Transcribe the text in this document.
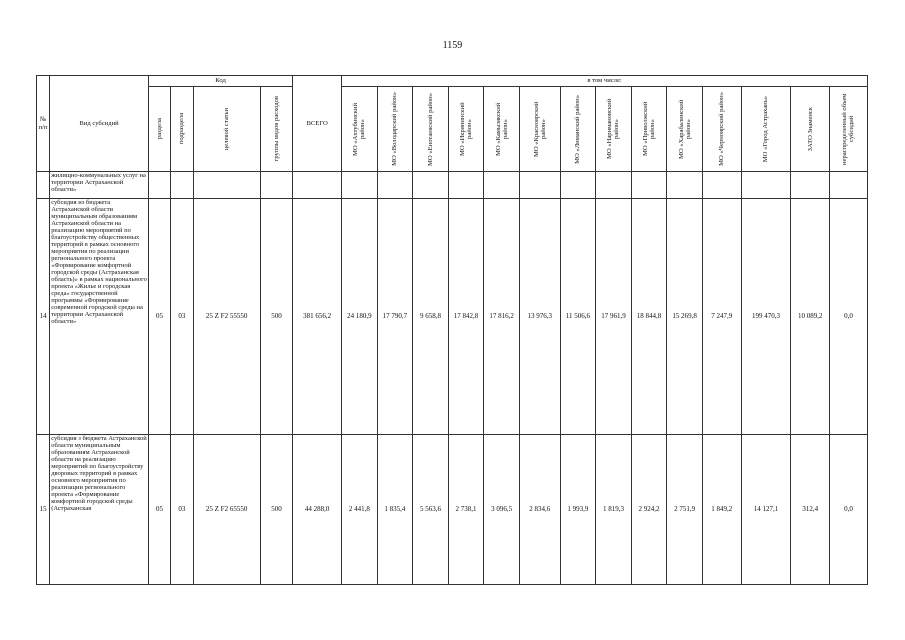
1159
№ п/п	Вид субсидий	Код				ВСЕГО	в том числе:													

		раздела	подраздела	целевой статьи	группы видов расходов		МО «Ахтубинский район»	МО «Володарский район»	МО «Енотаевский район»	МО «Икрянинский район»	МО «Камызякский район»	МО «Красноярский район»	МО «Лиманский район»	МО «Наримановский район»	МО «Приволжский район»	МО «Харабалинский район»	МО «Черноярский район»	МО «Город Астрахань»	ЗАТО Знаменск	нераспределенный объем субсидий

	жилищно-коммунальных услуг на территории Астраханской области»																			
14	субсидия из бюджета Астраханской области муниципальным образованиям Астраханской области на реализацию мероприятий по благоустройству общественных территорий в рамках основного мероприятия по реализации регионального проекта «Формирование комфортной городской среды (Астраханская область)» в рамках национального проекта «Жилье и городская среда» государственной программы «Формирование современной городской среды на территории Астраханской области»	05	03	25 Z F2 55550	500	381 656,2	24 180,9	17 790,7	9 658,8	17 842,8	17 816,2	13 976,3	11 506,6	17 961,9	18 844,8	15 269,8	7 247,9	199 470,3	10 089,2	0,0
15	субсидия з бюджета Астраханской области муниципальным образованиям Астраханской области на реализацию мероприятий по благоустройству дворовых территорий в рамках основного мероприятия по реализации регионального проекта «Формирование комфортной городской среды (Астраханская	05	03	25 Z F2 65550	500	44 288,0	2 441,8	1 835,4	5 563,6	2 738,1	3 096,5	2 834,6	1 993,9	1 819,3	2 924,2	2 751,9	1 849,2	14 127,1	312,4	0,0
